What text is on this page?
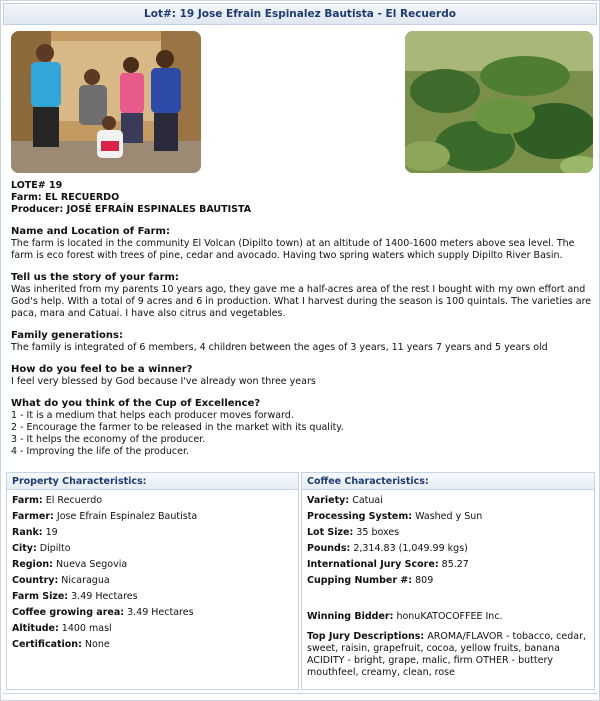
Lot#: 19 Jose Efrain Espinalez Bautista - El Recuerdo
LOTE# 19
Farm: EL RECUERDO
Producer: JOSÉ EFRAÍN ESPINALES BAUTISTA
Name and Location of Farm:

The farm is located in the community El Volcan (Dipilto town) at an altitude of 1400-1600 meters above sea level. The farm is eco forest with trees of pine, cedar and avocado. Having two spring waters which supply Dipilto River Basin.

Tell us the story of your farm:

Was inherited from my parents 10 years ago, they gave me a half-acres area of the rest I bought with my own effort and God's help. With a total of 9 acres and 6 in production. What I harvest during the season is 100 quintals. The varieties are paca, mara and Catuai. I have also citrus and vegetables.

Family generations:

The family is integrated of 6 members, 4 children between the ages of 3 years, 11 years 7 years and 5 years old

How do you feel to be a winner?

I feel very blessed by God because I've already won three years

What do you think of the Cup of Excellence?
1 - It is a medium that helps each producer moves forward.
2 - Encourage the farmer to be released in the market with its quality.
3 - It helps the economy of the producer.
4 - Improving the life of the producer.
Property Characteristics:
Farm: El Recuerdo
Farmer: Jose Efrain Espinalez Bautista
Rank: 19
City: Dipilto
Region: Nueva Segovia
Country: Nicaragua
Farm Size: 3.49 Hectares
Coffee growing area: 3.49 Hectares
Altitude: 1400 masl
Certification: None
Coffee Characteristics:
Variety: Catuai
Processing System: Washed y Sun
Lot Size: 35 boxes
Pounds: 2,314.83 (1,049.99 kgs)
International Jury Score: 85.27
Cupping Number #: 809
Winning Bidder: honuKATOCOFFEE Inc.
Top Jury Descriptions: AROMA/FLAVOR - tobacco, cedar, sweet, raisin, grapefruit, cocoa, yellow fruits, banana ACIDITY - bright, grape, malic, firm OTHER - buttery mouthfeel, creamy, clean, rose
